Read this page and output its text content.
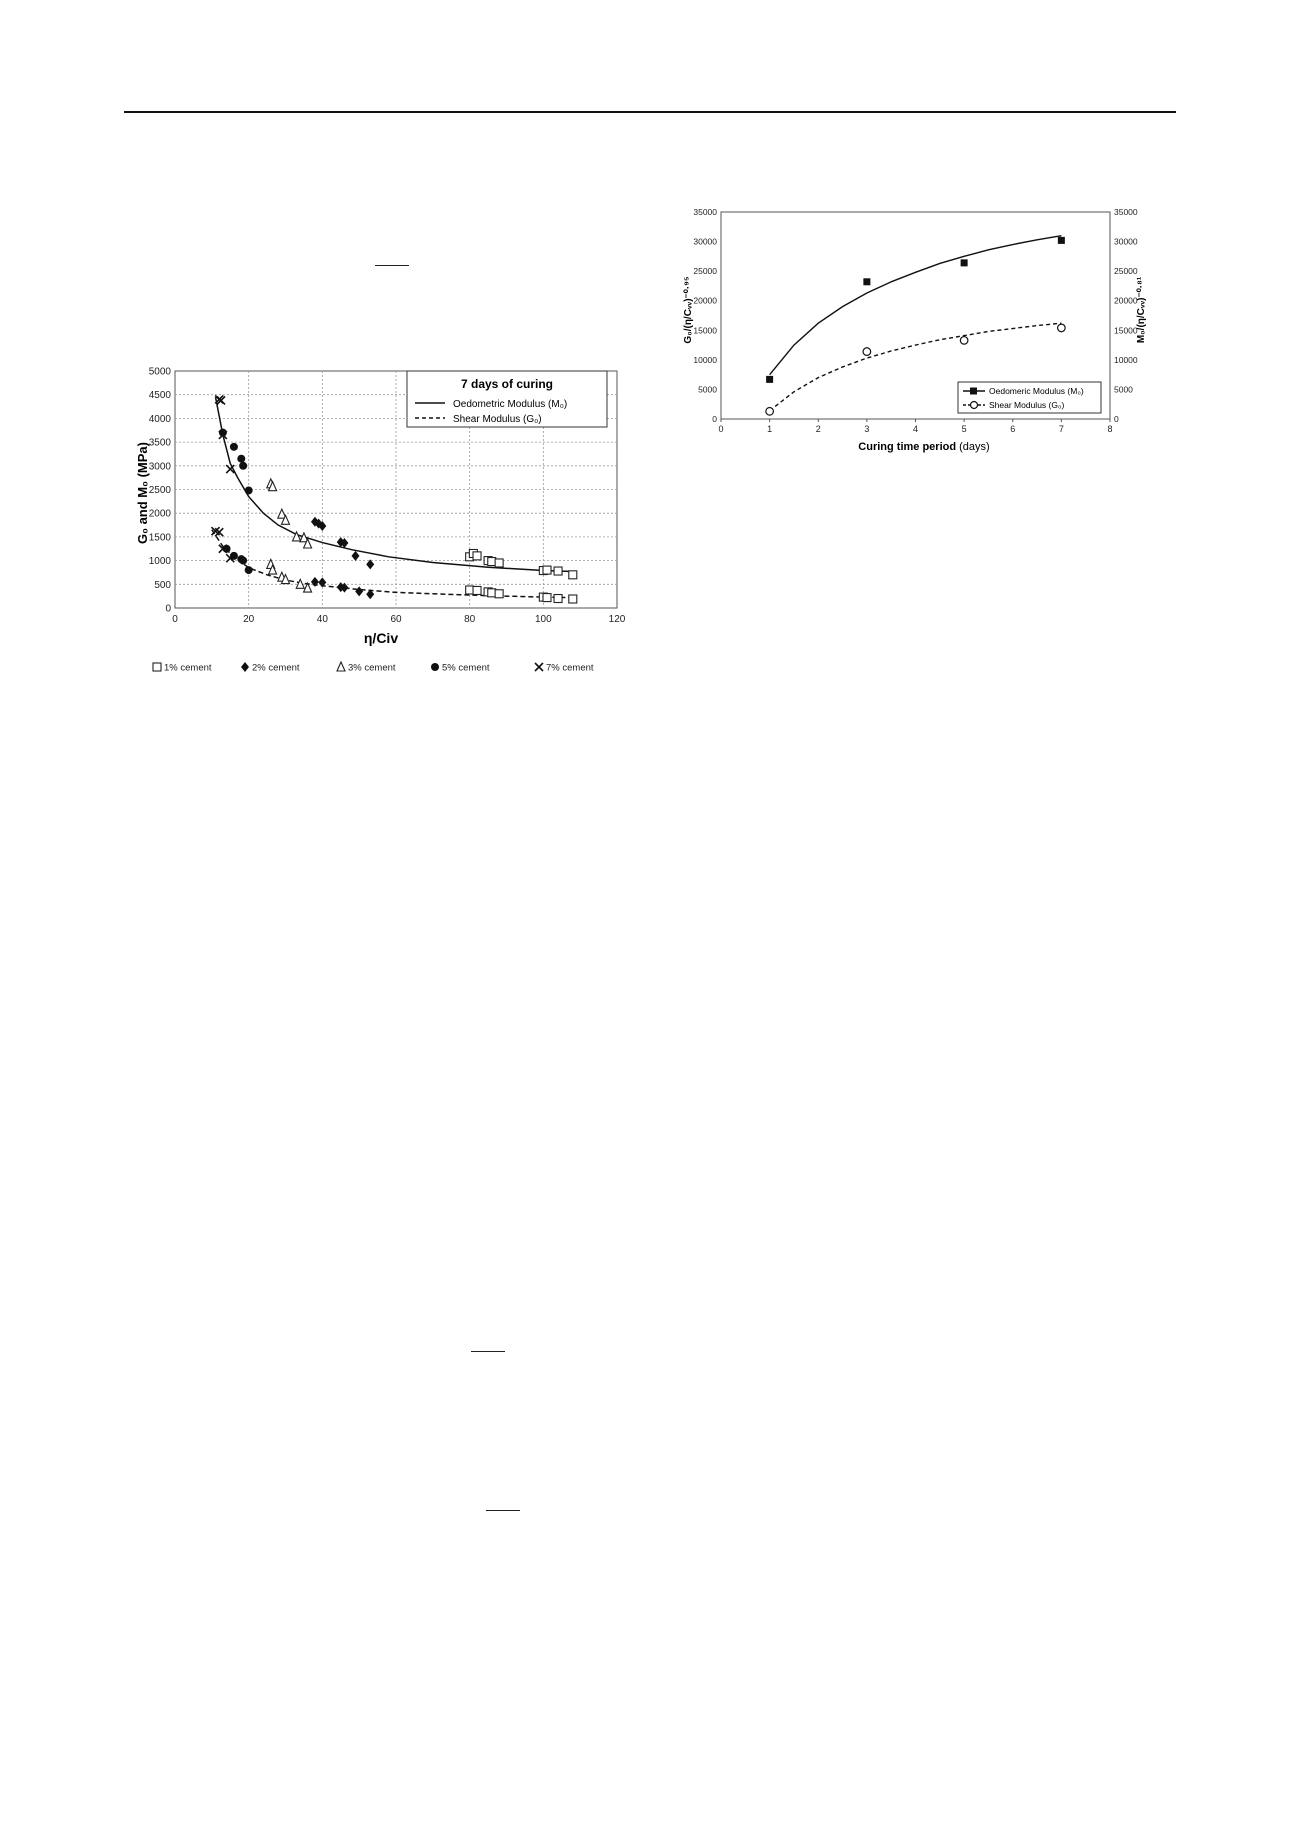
0	20	40	60	80	100	120
0
500
1000
1500
2000
2500
3000
3500
4000
4500
5000
G₀ and M₀ (MPa)
η/Civ
7 days of curing
Oedometric Modulus (M₀)
Shear Modulus (G₀)
1% cement	2% cement	3% cement	5% cement	7% cement
0	1	2	3	4	5	6	7	8
0	0
5000	5000
10000	10000
15000	15000
20000	20000
25000	25000
30000	30000
35000	35000
G₀/(η/Cᵥᵥ)⁻⁰·⁹⁵	M₀/(η/Cᵥᵥ)⁻⁰·⁸¹
Curing time period (days)
Oedomeric Modulus (M₀)
Shear Modulus (G₀)
